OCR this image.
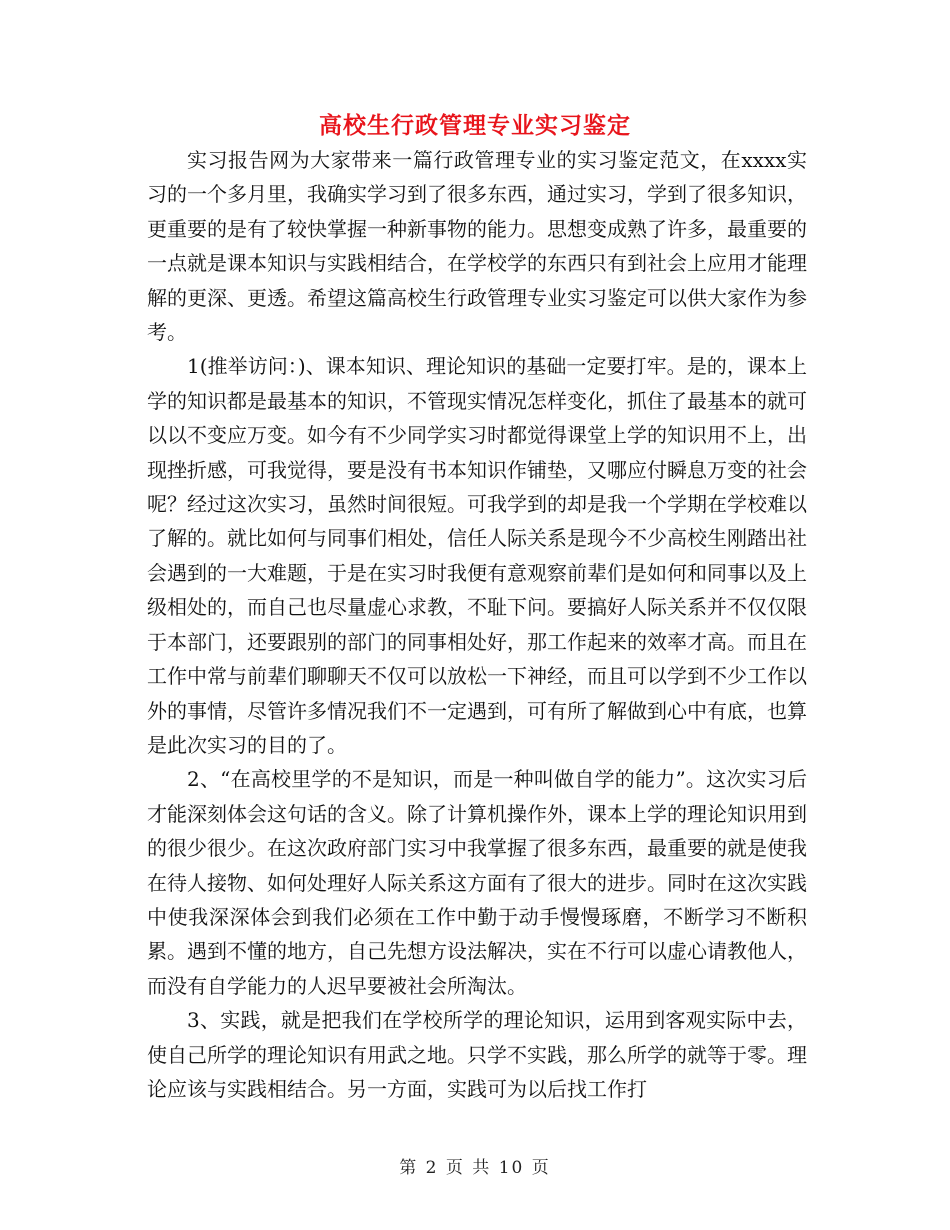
高校生行政管理专业实习鉴定

实习报告网为大家带来一篇行政管理专业的实习鉴定范文，在xxxx实习的一个多月里，我确实学习到了很多东西，通过实习，学到了很多知识，更重要的是有了较快掌握一种新事物的能力。思想变成熟了许多，最重要的一点就是课本知识与实践相结合，在学校学的东西只有到社会上应用才能理解的更深、更透。希望这篇高校生行政管理专业实习鉴定可以供大家作为参考。

1(推举访问：)、课本知识、理论知识的基础一定要打牢。是的，课本上学的知识都是最基本的知识，不管现实情况怎样变化，抓住了最基本的就可以以不变应万变。如今有不少同学实习时都觉得课堂上学的知识用不上，出现挫折感，可我觉得，要是没有书本知识作铺垫，又哪应付瞬息万变的社会呢？经过这次实习，虽然时间很短。可我学到的却是我一个学期在学校难以了解的。就比如何与同事们相处，信任人际关系是现今不少高校生刚踏出社会遇到的一大难题，于是在实习时我便有意观察前辈们是如何和同事以及上级相处的，而自己也尽量虚心求教，不耻下问。要搞好人际关系并不仅仅限于本部门，还要跟别的部门的同事相处好，那工作起来的效率才高。而且在工作中常与前辈们聊聊天不仅可以放松一下神经，而且可以学到不少工作以外的事情，尽管许多情况我们不一定遇到，可有所了解做到心中有底，也算是此次实习的目的了。

2、“在高校里学的不是知识，而是一种叫做自学的能力”。这次实习后才能深刻体会这句话的含义。除了计算机操作外，课本上学的理论知识用到的很少很少。在这次政府部门实习中我掌握了很多东西，最重要的就是使我在待人接物、如何处理好人际关系这方面有了很大的进步。同时在这次实践中使我深深体会到我们必须在工作中勤于动手慢慢琢磨，不断学习不断积累。遇到不懂的地方，自己先想方设法解决，实在不行可以虚心请教他人，而没有自学能力的人迟早要被社会所淘汰。

3、实践，就是把我们在学校所学的理论知识，运用到客观实际中去，使自己所学的理论知识有用武之地。只学不实践，那么所学的就等于零。理论应该与实践相结合。另一方面，实践可为以后找工作打

第 2 页 共 10 页
